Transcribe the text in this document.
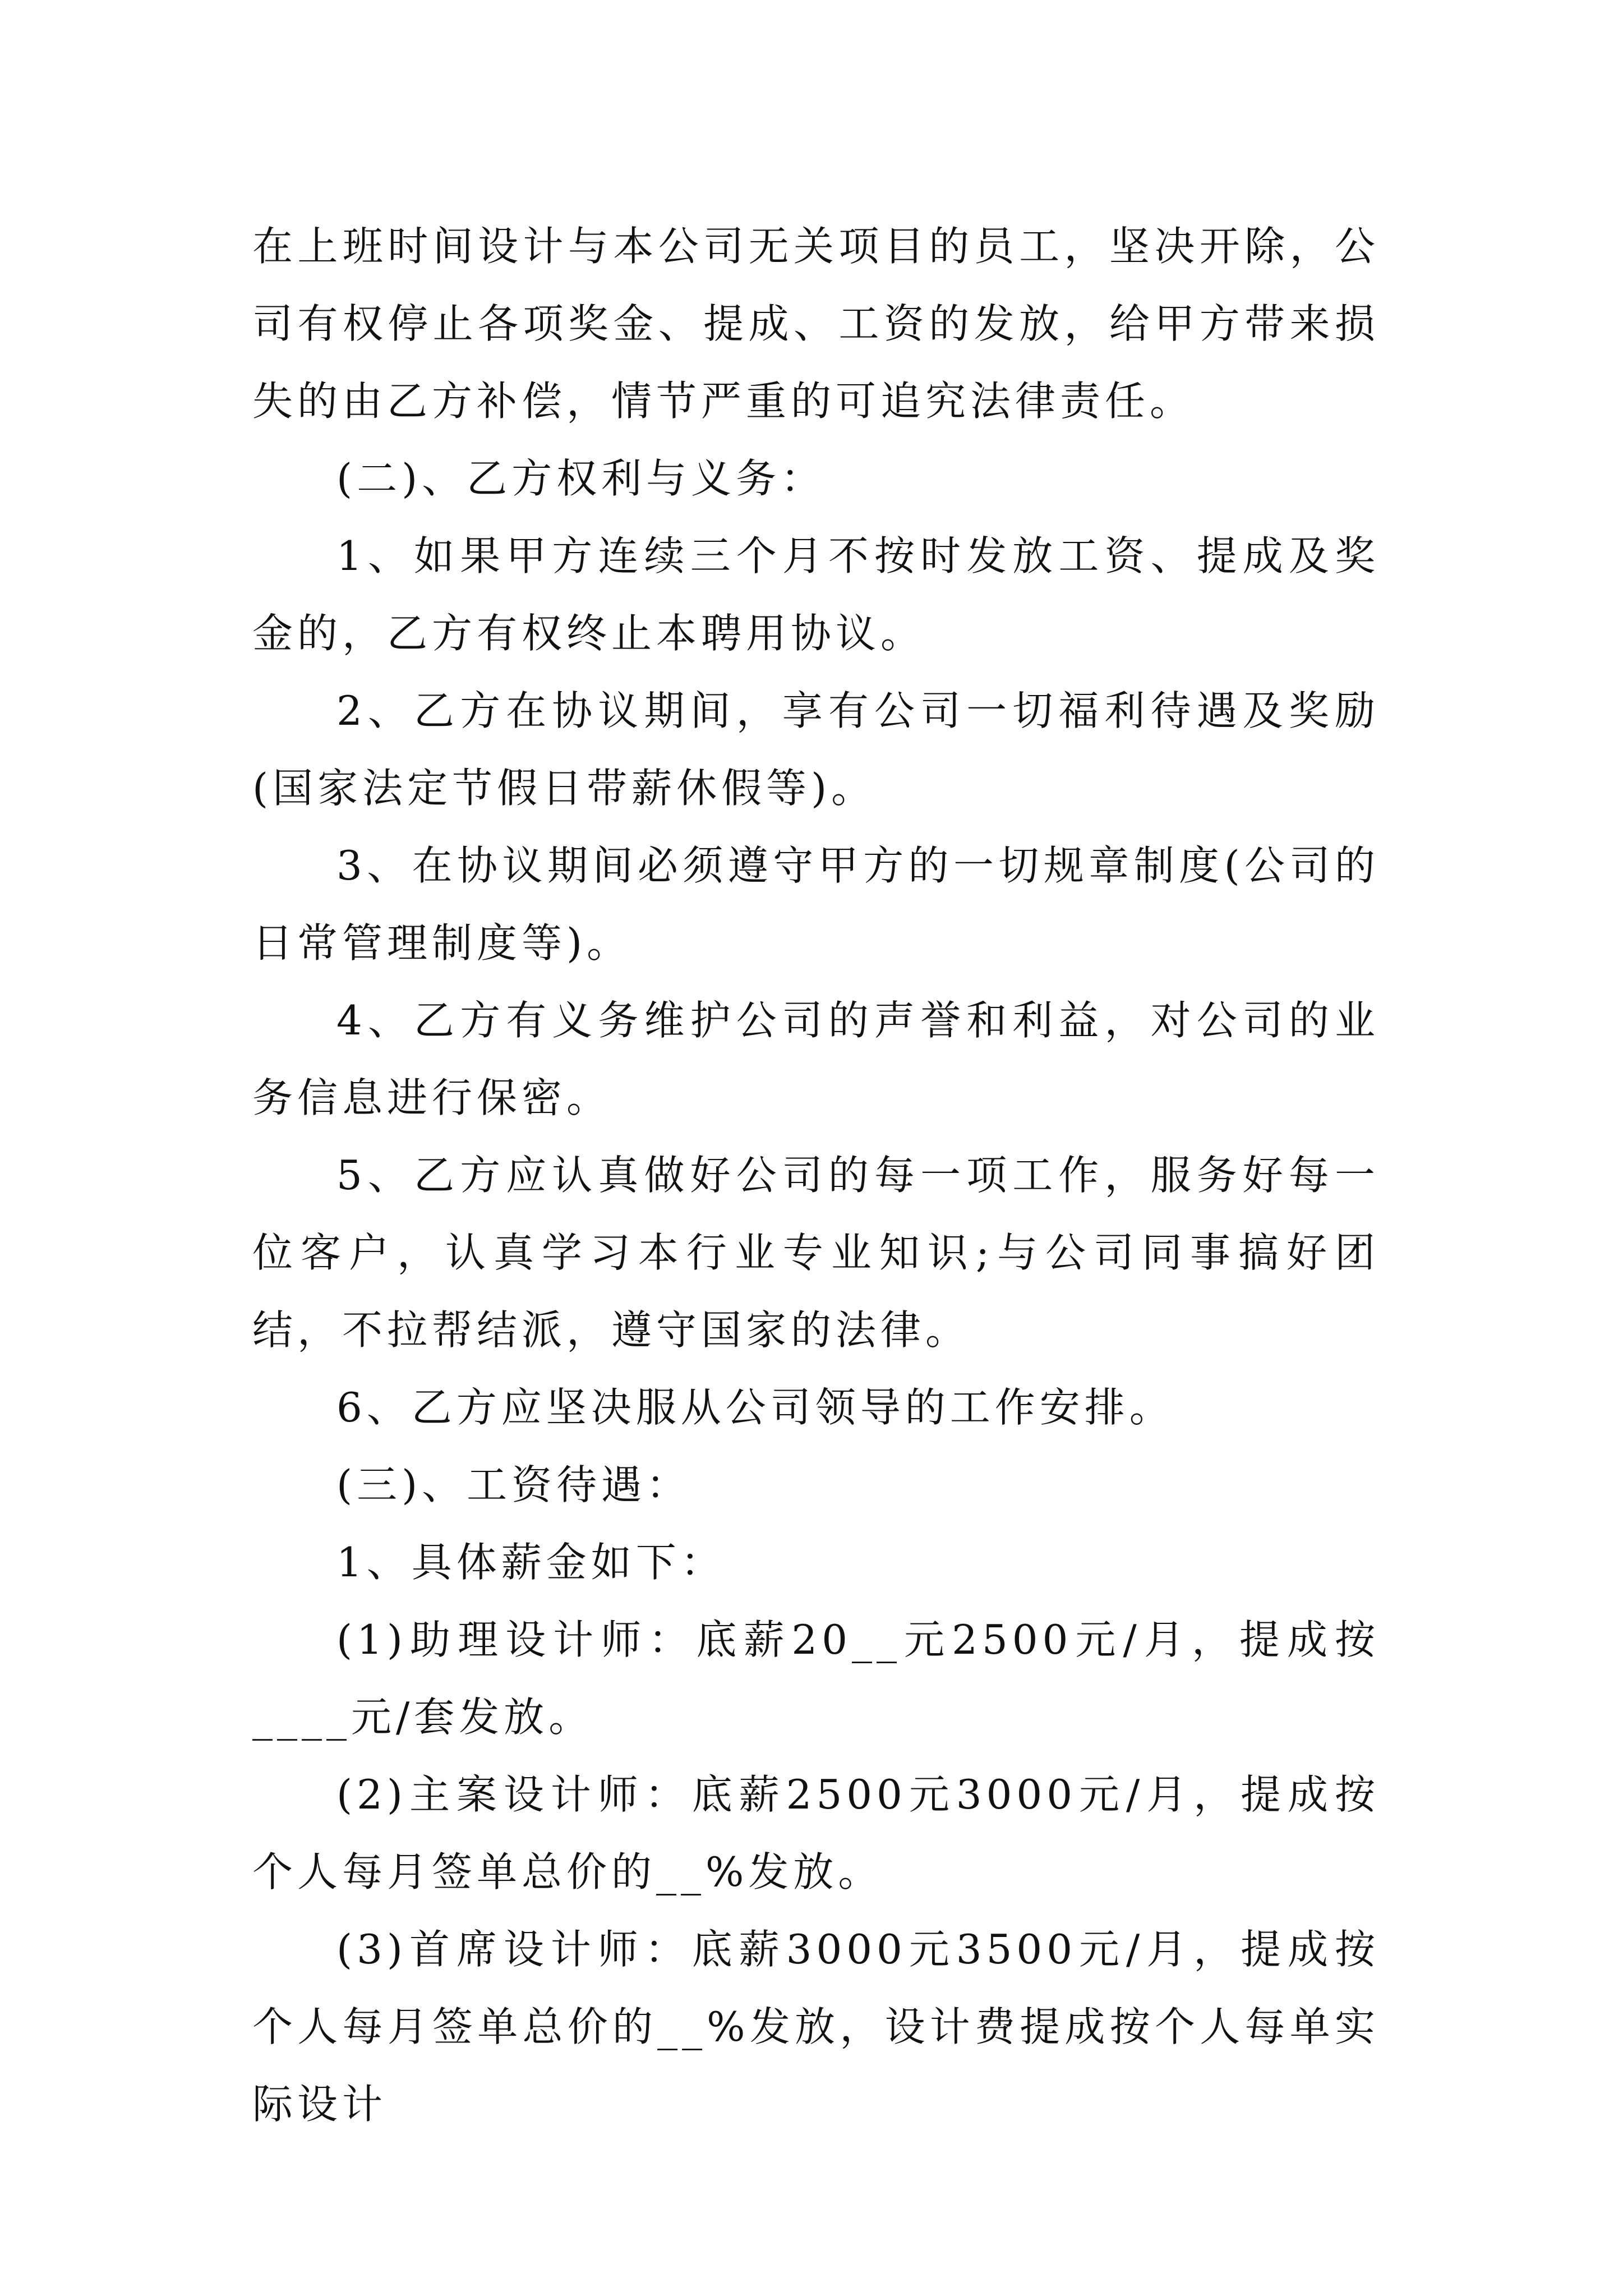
在上班时间设计与本公司无关项目的员工，坚决开除，公司有权停止各项奖金、提成、工资的发放，给甲方带来损失的由乙方补偿，情节严重的可追究法律责任。

(二)、乙方权利与义务：

1、如果甲方连续三个月不按时发放工资、提成及奖金的，乙方有权终止本聘用协议。

2、乙方在协议期间，享有公司一切福利待遇及奖励(国家法定节假日带薪休假等)。

3、在协议期间必须遵守甲方的一切规章制度(公司的日常管理制度等)。

4、乙方有义务维护公司的声誉和利益，对公司的业务信息进行保密。

5、乙方应认真做好公司的每一项工作，服务好每一位客户，认真学习本行业专业知识;与公司同事搞好团结，不拉帮结派，遵守国家的法律。

6、乙方应坚决服从公司领导的工作安排。

(三)、工资待遇：

1、具体薪金如下：

(1)助理设计师：底薪20__元2500元/月，提成按____元/套发放。

(2)主案设计师：底薪2500元3000元/月，提成按个人每月签单总价的__%发放。

(3)首席设计师：底薪3000元3500元/月，提成按个人每月签单总价的__%发放，设计费提成按个人每单实际设计
